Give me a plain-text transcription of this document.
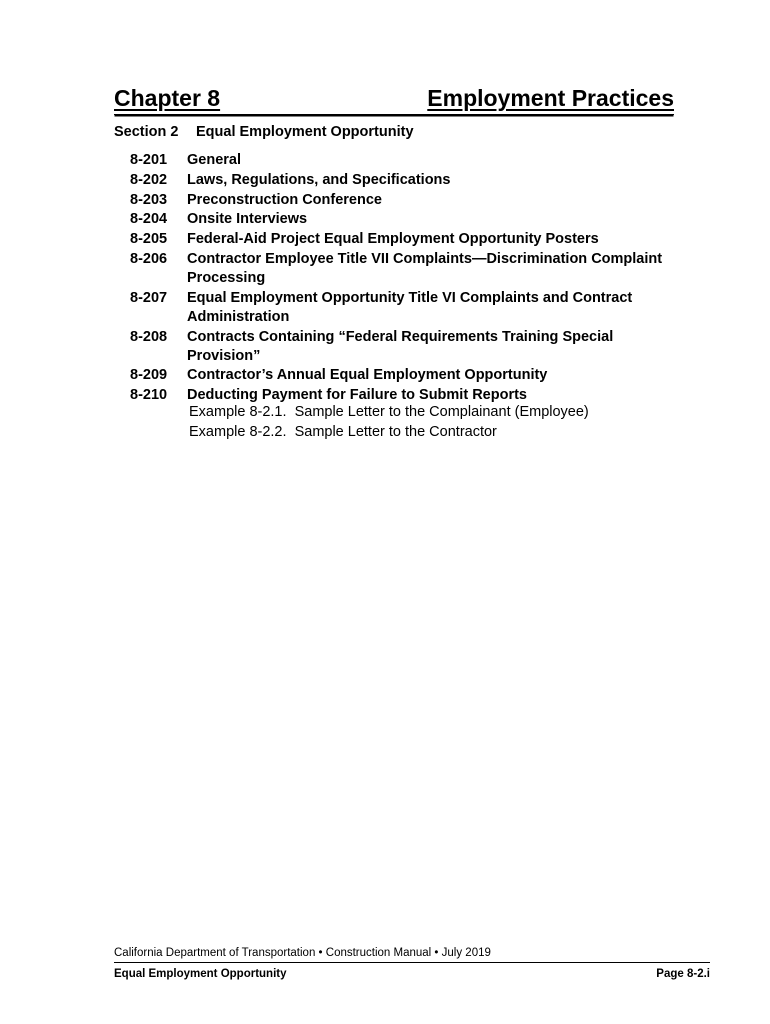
Chapter 8	Employment Practices
Section 2 Equal Employment Opportunity
8-201	General
8-202	Laws, Regulations, and Specifications
8-203	Preconstruction Conference
8-204	Onsite Interviews
8-205	Federal-Aid Project Equal Employment Opportunity Posters
8-206	Contractor Employee Title VII Complaints—Discrimination Complaint Processing
8-207	Equal Employment Opportunity Title VI Complaints and Contract Administration
8-208	Contracts Containing “Federal Requirements Training Special Provision”
8-209	Contractor’s Annual Equal Employment Opportunity
8-210	Deducting Payment for Failure to Submit Reports
Example 8-2.1.  Sample Letter to the Complainant (Employee)
Example 8-2.2.  Sample Letter to the Contractor
California Department of Transportation • Construction Manual • July 2019
Equal Employment Opportunity	Page 8-2.i
